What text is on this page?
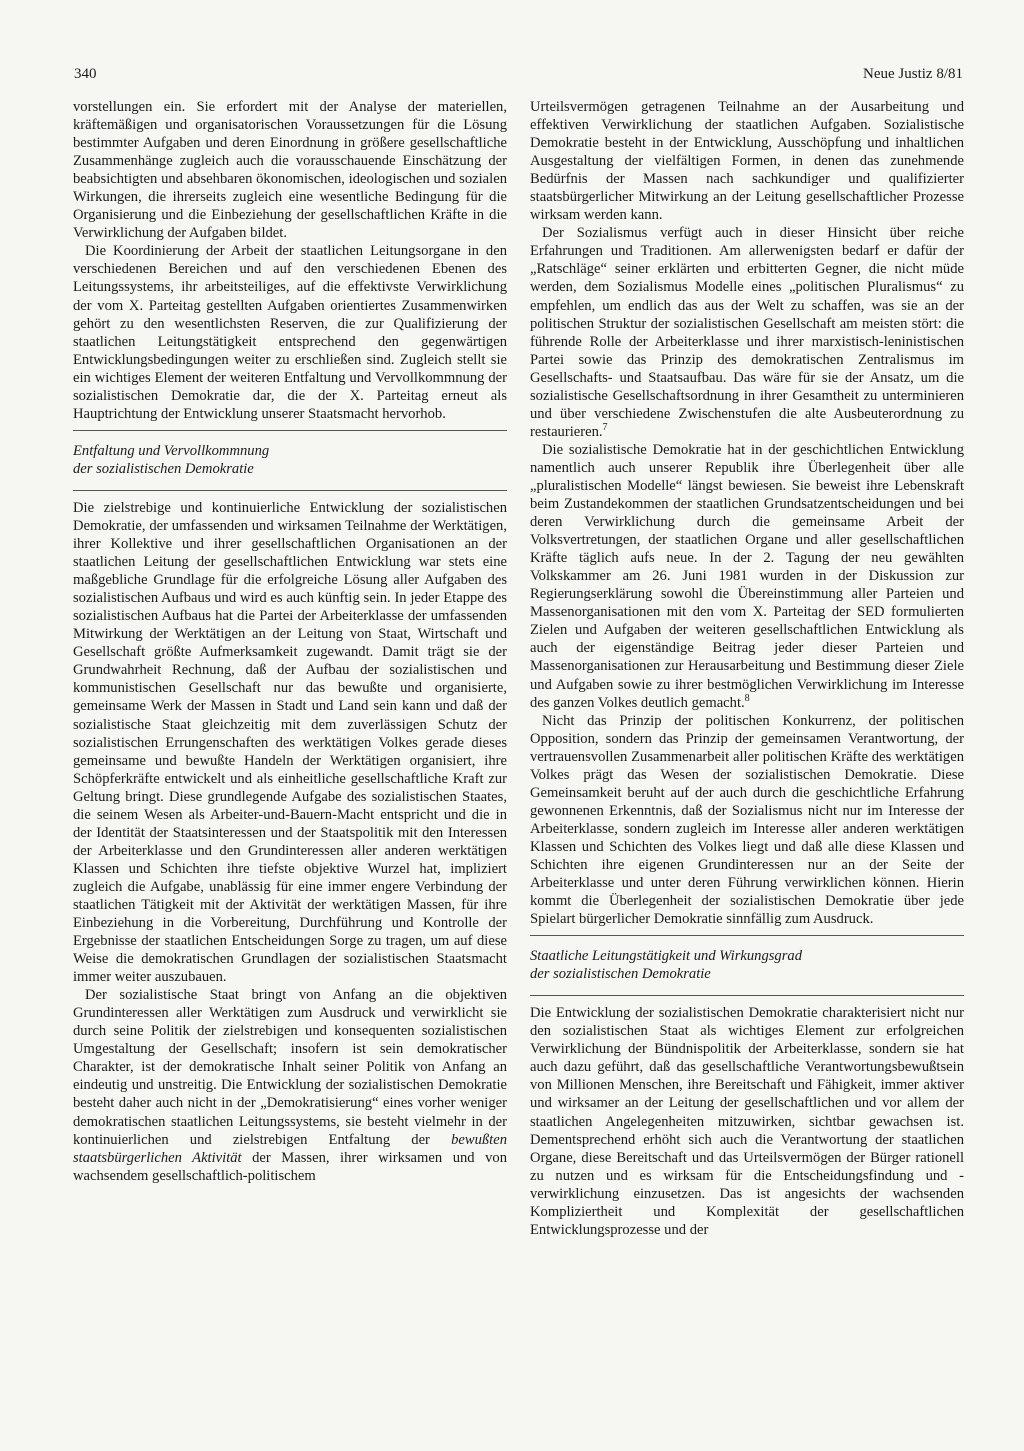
340	Neue Justiz 8/81

vorstellungen ein. Sie erfordert mit der Analyse der materiellen, kräftemäßigen und organisatorischen Voraussetzungen für die Lösung bestimmter Aufgaben und deren Einordnung in größere gesellschaftliche Zusammenhänge zugleich auch die vorausschauende Einschätzung der beabsichtigten und absehbaren ökonomischen, ideologischen und sozialen Wirkungen, die ihrerseits zugleich eine wesentliche Bedingung für die Organisierung und die Einbeziehung der gesellschaftlichen Kräfte in die Verwirklichung der Aufgaben bildet.

Die Koordinierung der Arbeit der staatlichen Leitungsorgane in den verschiedenen Bereichen und auf den verschiedenen Ebenen des Leitungssystems, ihr arbeitsteiliges, auf die effektivste Verwirklichung der vom X. Parteitag gestellten Aufgaben orientiertes Zusammenwirken gehört zu den wesentlichsten Reserven, die zur Qualifizierung der staatlichen Leitungstätigkeit entsprechend den gegenwärtigen Entwicklungsbedingungen weiter zu erschließen sind. Zugleich stellt sie ein wichtiges Element der weiteren Entfaltung und Vervollkommnung der sozialistischen Demokratie dar, die der X. Parteitag erneut als Hauptrichtung der Entwicklung unserer Staatsmacht hervorhob.

Entfaltung und Vervollkommnung
der sozialistischen Demokratie

Die zielstrebige und kontinuierliche Entwicklung der sozialistischen Demokratie, der umfassenden und wirksamen Teilnahme der Werktätigen, ihrer Kollektive und ihrer gesellschaftlichen Organisationen an der staatlichen Leitung der gesellschaftlichen Entwicklung war stets eine maßgebliche Grundlage für die erfolgreiche Lösung aller Aufgaben des sozialistischen Aufbaus und wird es auch künftig sein. In jeder Etappe des sozialistischen Aufbaus hat die Partei der Arbeiterklasse der umfassenden Mitwirkung der Werktätigen an der Leitung von Staat, Wirtschaft und Gesellschaft größte Aufmerksamkeit zugewandt. Damit trägt sie der Grundwahrheit Rechnung, daß der Aufbau der sozialistischen und kommunistischen Gesellschaft nur das bewußte und organisierte, gemeinsame Werk der Massen in Stadt und Land sein kann und daß der sozialistische Staat gleichzeitig mit dem zuverlässigen Schutz der sozialistischen Errungenschaften des werktätigen Volkes gerade dieses gemeinsame und bewußte Handeln der Werktätigen organisiert, ihre Schöpferkräfte entwickelt und als einheitliche gesellschaftliche Kraft zur Geltung bringt. Diese grundlegende Aufgabe des sozialistischen Staates, die seinem Wesen als Arbeiter-und-Bauern-Macht entspricht und die in der Identität der Staatsinteressen und der Staatspolitik mit den Interessen der Arbeiterklasse und den Grundinteressen aller anderen werktätigen Klassen und Schichten ihre tiefste objektive Wurzel hat, impliziert zugleich die Aufgabe, unablässig für eine immer engere Verbindung der staatlichen Tätigkeit mit der Aktivität der werktätigen Massen, für ihre Einbeziehung in die Vorbereitung, Durchführung und Kontrolle der Ergebnisse der staatlichen Entscheidungen Sorge zu tragen, um auf diese Weise die demokratischen Grundlagen der sozialistischen Staatsmacht immer weiter auszubauen.

Der sozialistische Staat bringt von Anfang an die objektiven Grundinteressen aller Werktätigen zum Ausdruck und verwirklicht sie durch seine Politik der zielstrebigen und konsequenten sozialistischen Umgestaltung der Gesellschaft; insofern ist sein demokratischer Charakter, ist der demokratische Inhalt seiner Politik von Anfang an eindeutig und unstreitig. Die Entwicklung der sozialistischen Demokratie besteht daher auch nicht in der „Demokratisierung“ eines vorher weniger demokratischen staatlichen Leitungssystems, sie besteht vielmehr in der kontinuierlichen und zielstrebigen Entfaltung der bewußten staatsbürgerlichen Aktivität der Massen, ihrer wirksamen und von wachsendem gesellschaftlich-politischem

Urteilsvermögen getragenen Teilnahme an der Ausarbeitung und effektiven Verwirklichung der staatlichen Aufgaben. Sozialistische Demokratie besteht in der Entwicklung, Ausschöpfung und inhaltlichen Ausgestaltung der vielfältigen Formen, in denen das zunehmende Bedürfnis der Massen nach sachkundiger und qualifizierter staatsbürgerlicher Mitwirkung an der Leitung gesellschaftlicher Prozesse wirksam werden kann.

Der Sozialismus verfügt auch in dieser Hinsicht über reiche Erfahrungen und Traditionen. Am allerwenigsten bedarf er dafür der „Ratschläge“ seiner erklärten und erbitterten Gegner, die nicht müde werden, dem Sozialismus Modelle eines „politischen Pluralismus“ zu empfehlen, um endlich das aus der Welt zu schaffen, was sie an der politischen Struktur der sozialistischen Gesellschaft am meisten stört: die führende Rolle der Arbeiterklasse und ihrer marxistisch-leninistischen Partei sowie das Prinzip des demokratischen Zentralismus im Gesellschafts- und Staatsaufbau. Das wäre für sie der Ansatz, um die sozialistische Gesellschaftsordnung in ihrer Gesamtheit zu unterminieren und über verschiedene Zwischenstufen die alte Ausbeuterordnung zu restaurieren.$^7$

Die sozialistische Demokratie hat in der geschichtlichen Entwicklung namentlich auch unserer Republik ihre Überlegenheit über alle „pluralistischen Modelle“ längst bewiesen. Sie beweist ihre Lebenskraft beim Zustandekommen der staatlichen Grundsatzentscheidungen und bei deren Verwirklichung durch die gemeinsame Arbeit der Volksvertretungen, der staatlichen Organe und aller gesellschaftlichen Kräfte täglich aufs neue. In der 2. Tagung der neu gewählten Volkskammer am 26. Juni 1981 wurden in der Diskussion zur Regierungserklärung sowohl die Übereinstimmung aller Parteien und Massenorganisationen mit den vom X. Parteitag der SED formulierten Zielen und Aufgaben der weiteren gesellschaftlichen Entwicklung als auch der eigenständige Beitrag jeder dieser Parteien und Massenorganisationen zur Herausarbeitung und Bestimmung dieser Ziele und Aufgaben sowie zu ihrer bestmöglichen Verwirklichung im Interesse des ganzen Volkes deutlich gemacht.$^8$

Nicht das Prinzip der politischen Konkurrenz, der politischen Opposition, sondern das Prinzip der gemeinsamen Verantwortung, der vertrauensvollen Zusammenarbeit aller politischen Kräfte des werktätigen Volkes prägt das Wesen der sozialistischen Demokratie. Diese Gemeinsamkeit beruht auf der auch durch die geschichtliche Erfahrung gewonnenen Erkenntnis, daß der Sozialismus nicht nur im Interesse der Arbeiterklasse, sondern zugleich im Interesse aller anderen werktätigen Klassen und Schichten des Volkes liegt und daß alle diese Klassen und Schichten ihre eigenen Grundinteressen nur an der Seite der Arbeiterklasse und unter deren Führung verwirklichen können. Hierin kommt die Überlegenheit der sozialistischen Demokratie über jede Spielart bürgerlicher Demokratie sinnfällig zum Ausdruck.

Staatliche Leitungstätigkeit und Wirkungsgrad
der sozialistischen Demokratie

Die Entwicklung der sozialistischen Demokratie charakterisiert nicht nur den sozialistischen Staat als wichtiges Element zur erfolgreichen Verwirklichung der Bündnispolitik der Arbeiterklasse, sondern sie hat auch dazu geführt, daß das gesellschaftliche Verantwortungsbewußtsein von Millionen Menschen, ihre Bereitschaft und Fähigkeit, immer aktiver und wirksamer an der Leitung der gesellschaftlichen und vor allem der staatlichen Angelegenheiten mitzuwirken, sichtbar gewachsen ist. Dementsprechend erhöht sich auch die Verantwortung der staatlichen Organe, diese Bereitschaft und das Urteilsvermögen der Bürger rationell zu nutzen und es wirksam für die Entscheidungsfindung und -verwirklichung einzusetzen. Das ist angesichts der wachsenden Kompliziertheit und Komplexität der gesellschaftlichen Entwicklungsprozesse und der
